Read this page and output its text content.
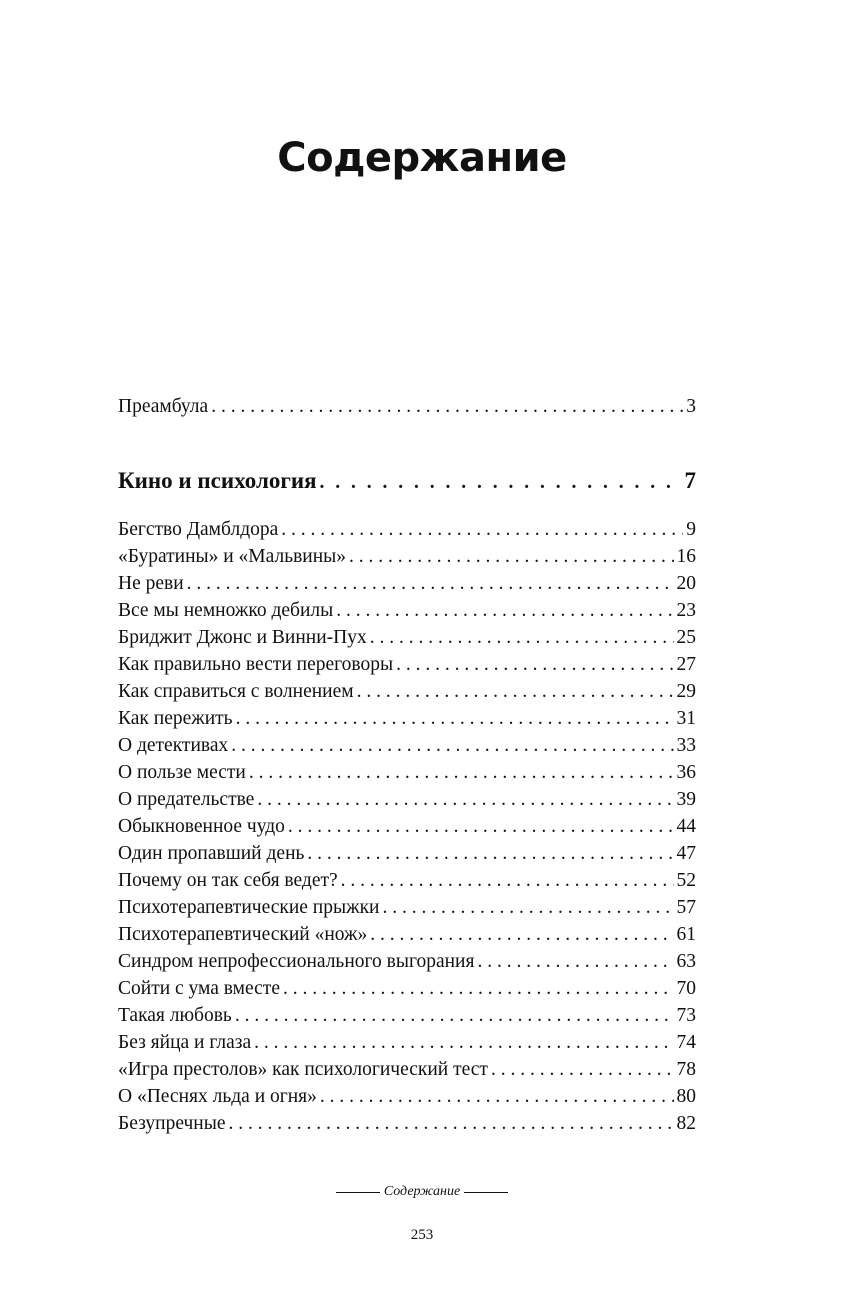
Содержание
Преамбула . . .	3
Кино и психология . . .	7
Бегство Дамблдора . . .	9
«Буратины» и «Мальвины» . . .	16
Не реви . . .	20
Все мы немножко дебилы . . .	23
Бриджит Джонс и Винни-Пух . . .	25
Как правильно вести переговоры . . .	27
Как справиться с волнением . . .	29
Как пережить . . .	31
О детективах . . .	33
О пользе мести . . .	36
О предательстве . . .	39
Обыкновенное чудо . . .	44
Один пропавший день . . .	47
Почему он так себя ведет? . . .	52
Психотерапевтические прыжки . . .	57
Психотерапевтический «нож» . . .	61
Синдром непрофессионального выгорания . . .	63
Сойти с ума вместе . . .	70
Такая любовь . . .	73
Без яйца и глаза . . .	74
«Игра престолов» как психологический тест . . .	78
О «Песнях льда и огня» . . .	80
Безупречные . . .	82
Содержание
253
